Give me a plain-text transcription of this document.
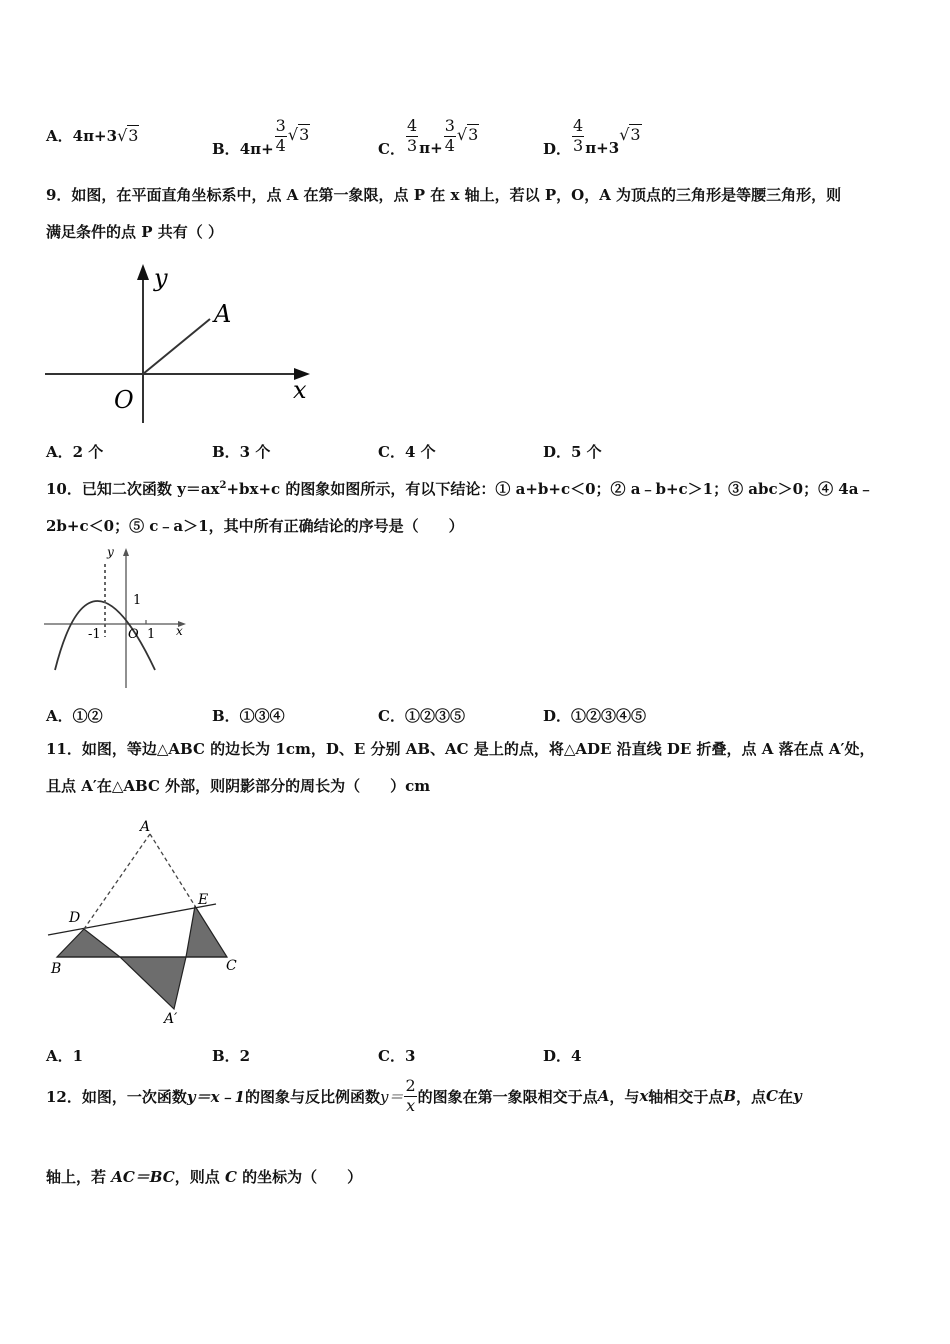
A．4π+3√3
B．$4\pi+ \frac{3}{4} √3$
C． $\frac{4}{3} \pi+ \frac{3}{4} √3$
D． $\frac{4}{3} \pi+3√3$
9．如图，在平面直角坐标系中，点 A 在第一象限，点 P 在 x 轴上，若以 P，O，A 为顶点的三角形是等腰三角形，则
满足条件的点 P 共有（ ）
y
A
O	x
A．2 个	B．3 个	C．4 个	D．5 个
10．已知二次函数 $y=ax^2+bx+c$ 的图象如图所示，有以下结论：① a+b+c＜0；② a﹣b+c＞1；③ abc＞0；④ 4a﹣
2b+c＜0；⑤ c﹣a＞1，其中所有正确结论的序号是（　　）
y
1
-1 O 1 x
A．①②	B．①③④	C．①②③⑤	D．①②③④⑤
11．如图，等边△ABC 的边长为 1cm，D、E 分别 AB、AC 是上的点，将△ADE 沿直线 DE 折叠，点 A 落在点 A′处，
且点 A′在△ABC 外部，则阴影部分的周长为（　　）cm
A
D
E
B	C
A′
A．1	B．2	C．3	D．4
12．如图，一次函数y＝x﹣1的图象与反比例函数$y= \frac{2}{x}$ 的图象在第一象限相交于点A，与x轴相交于点B，点C在y
轴上，若 AC＝BC，则点 C 的坐标为（　　）
